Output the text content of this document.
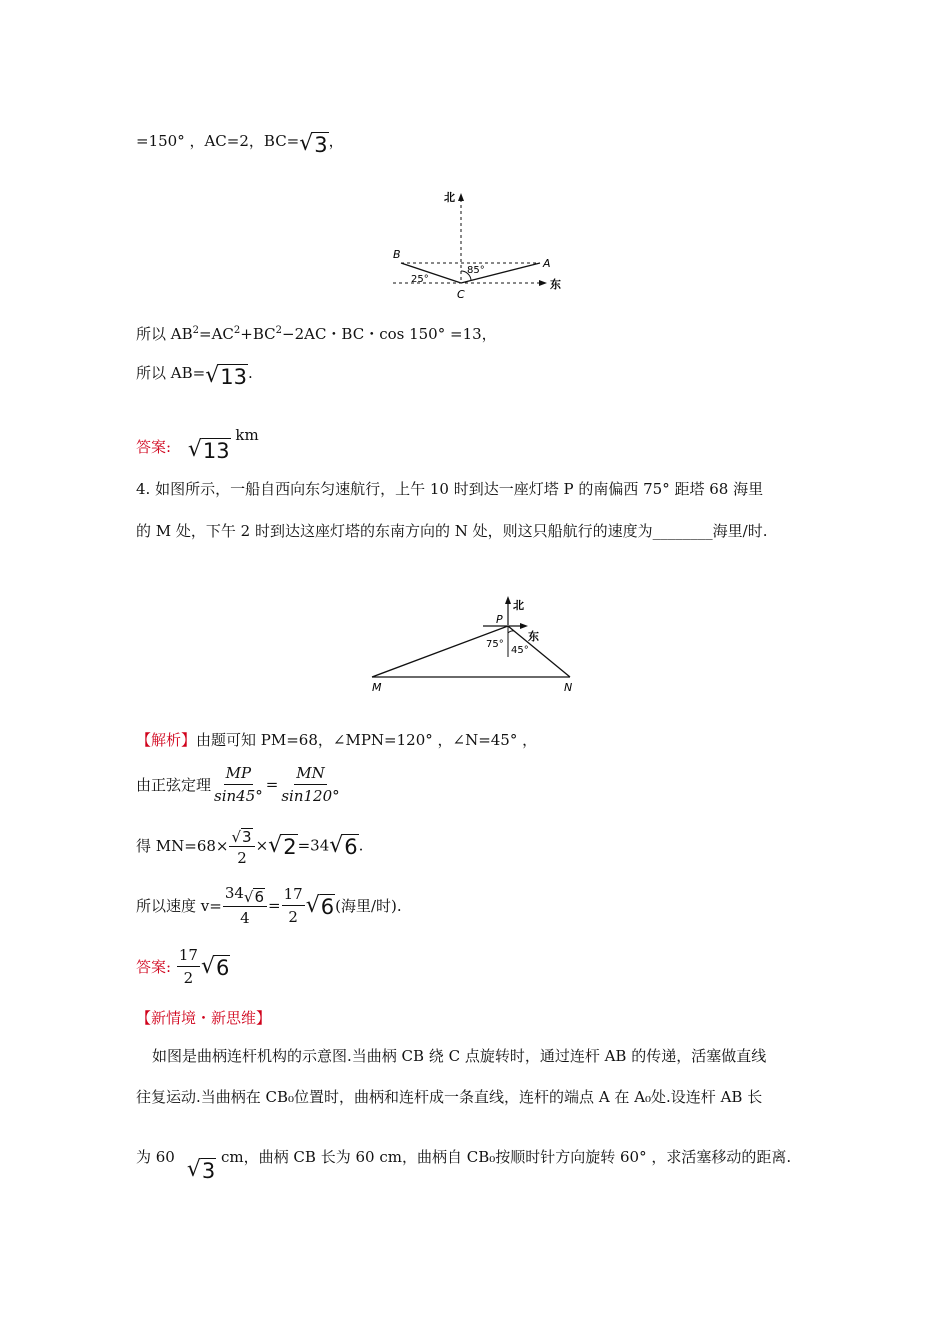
=150° ，AC=2，BC= √ 3 ，
北
东
B
A
C
25°
85°
所以 $AB^2=AC^2+BC^2-2AC$・BC・cos 150° =13，
所以 AB= √ 13 .
答案: √ 13
km
4. 如图所示，一船自西向东匀速航行，上午 10 时到达一座灯塔 P 的南偏西 75° 距塔 68 海里
的 M 处，下午 2 时到达这座灯塔的东南方向的 N 处，则这只船航行的速度为________海里/时.
北
东
P
M	N
75°
45°
【解析】由题可知 PM=68，∠MPN=120° ，∠N=45° ，
由正弦定理 $\frac{MP}{\sin 45^\circ} = \frac{MN}{\sin 120^\circ}$
得 $MN=68\times \frac{√ 3}{2}$ × √ 2 =34 √ 6 .
所以速度 $v= \frac{34 √ 6}{4} = \frac{17}{2}$ √ 6 (海里/时).
答案: $\frac{17}{2}$ √ 6
【新情境・新思维】
如图是曲柄连杆机构的示意图.当曲柄 CB 绕 C 点旋转时，通过连杆 AB 的传递，活塞做直线
往复运动.当曲柄在 CB₀位置时，曲柄和连杆成一条直线，连杆的端点 A 在 A₀处.设连杆 AB 长
为 60 √ 3
cm，曲柄 CB 长为 60 cm，曲柄自 CB₀按顺时针方向旋转 60° ，求活塞移动的距离.
